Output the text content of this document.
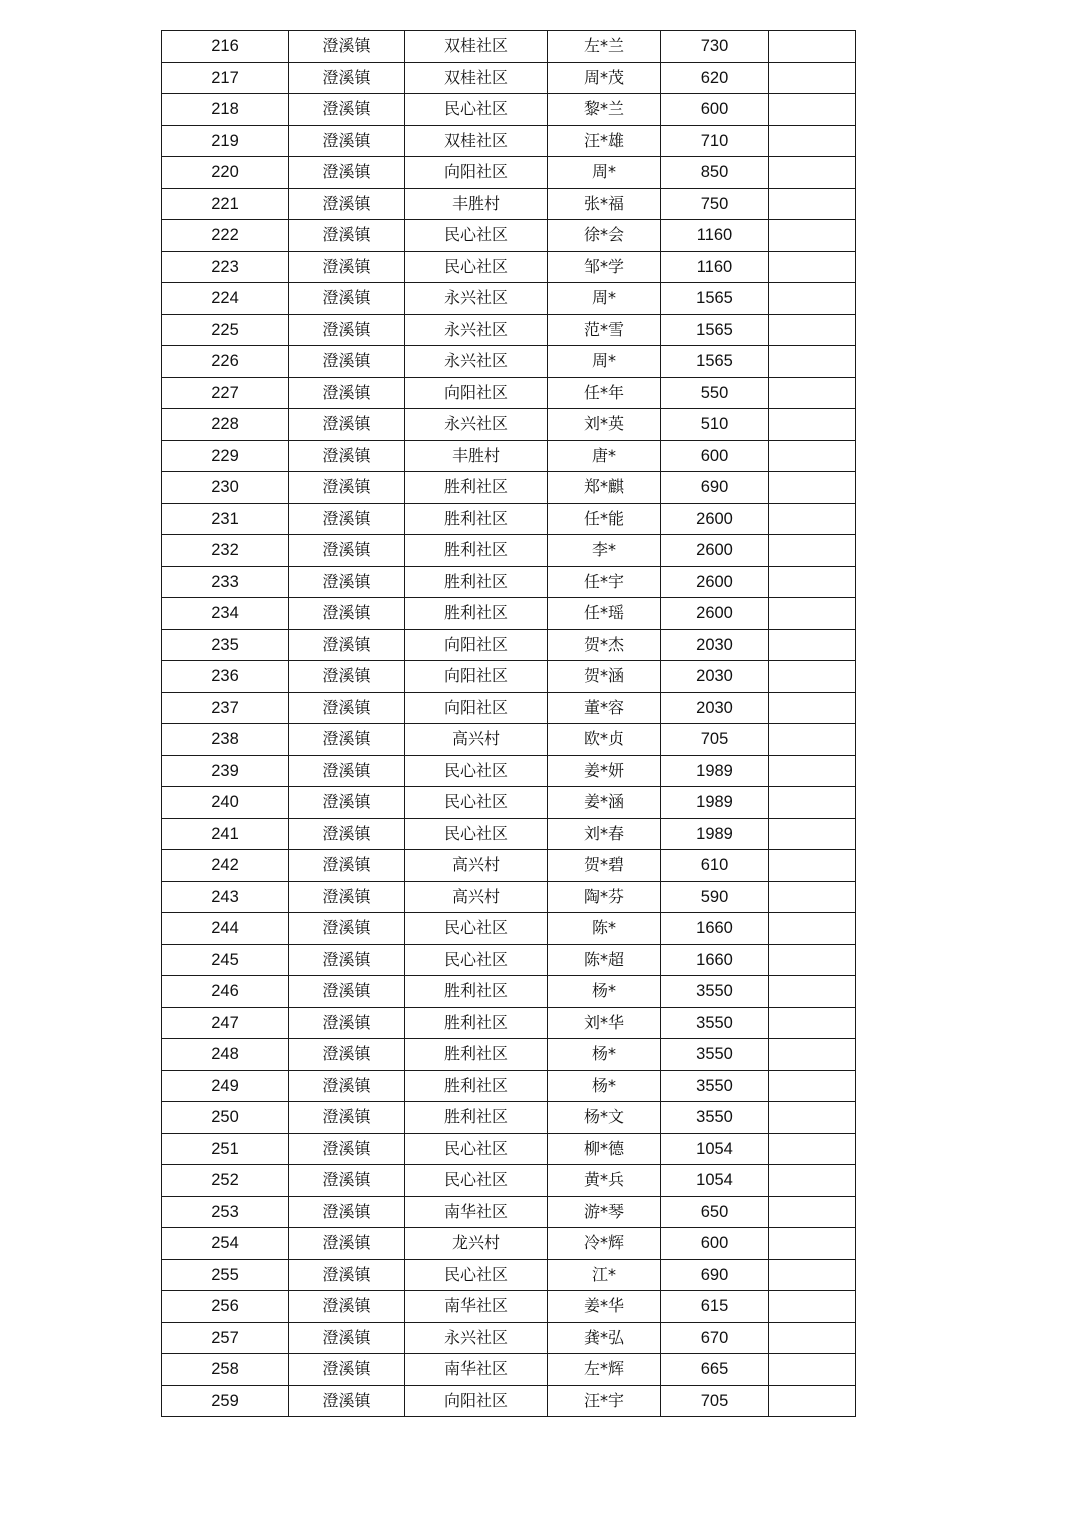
216	澄溪镇	双桂社区	左*兰	730	
217	澄溪镇	双桂社区	周*茂	620	
218	澄溪镇	民心社区	黎*兰	600	
219	澄溪镇	双桂社区	汪*雄	710	
220	澄溪镇	向阳社区	周*	850	
221	澄溪镇	丰胜村	张*福	750	
222	澄溪镇	民心社区	徐*会	1160	
223	澄溪镇	民心社区	邹*学	1160	
224	澄溪镇	永兴社区	周*	1565	
225	澄溪镇	永兴社区	范*雪	1565	
226	澄溪镇	永兴社区	周*	1565	
227	澄溪镇	向阳社区	任*年	550	
228	澄溪镇	永兴社区	刘*英	510	
229	澄溪镇	丰胜村	唐*	600	
230	澄溪镇	胜利社区	郑*麒	690	
231	澄溪镇	胜利社区	任*能	2600	
232	澄溪镇	胜利社区	李*	2600	
233	澄溪镇	胜利社区	任*宇	2600	
234	澄溪镇	胜利社区	任*瑶	2600	
235	澄溪镇	向阳社区	贺*杰	2030	
236	澄溪镇	向阳社区	贺*涵	2030	
237	澄溪镇	向阳社区	董*容	2030	
238	澄溪镇	高兴村	欧*贞	705	
239	澄溪镇	民心社区	姜*妍	1989	
240	澄溪镇	民心社区	姜*涵	1989	
241	澄溪镇	民心社区	刘*春	1989	
242	澄溪镇	高兴村	贺*碧	610	
243	澄溪镇	高兴村	陶*芬	590	
244	澄溪镇	民心社区	陈*	1660	
245	澄溪镇	民心社区	陈*超	1660	
246	澄溪镇	胜利社区	杨*	3550	
247	澄溪镇	胜利社区	刘*华	3550	
248	澄溪镇	胜利社区	杨*	3550	
249	澄溪镇	胜利社区	杨*	3550	
250	澄溪镇	胜利社区	杨*文	3550	
251	澄溪镇	民心社区	柳*德	1054	
252	澄溪镇	民心社区	黄*兵	1054	
253	澄溪镇	南华社区	游*琴	650	
254	澄溪镇	龙兴村	冷*辉	600	
255	澄溪镇	民心社区	江*	690	
256	澄溪镇	南华社区	姜*华	615	
257	澄溪镇	永兴社区	龚*弘	670	
258	澄溪镇	南华社区	左*辉	665	
259	澄溪镇	向阳社区	汪*宇	705	
